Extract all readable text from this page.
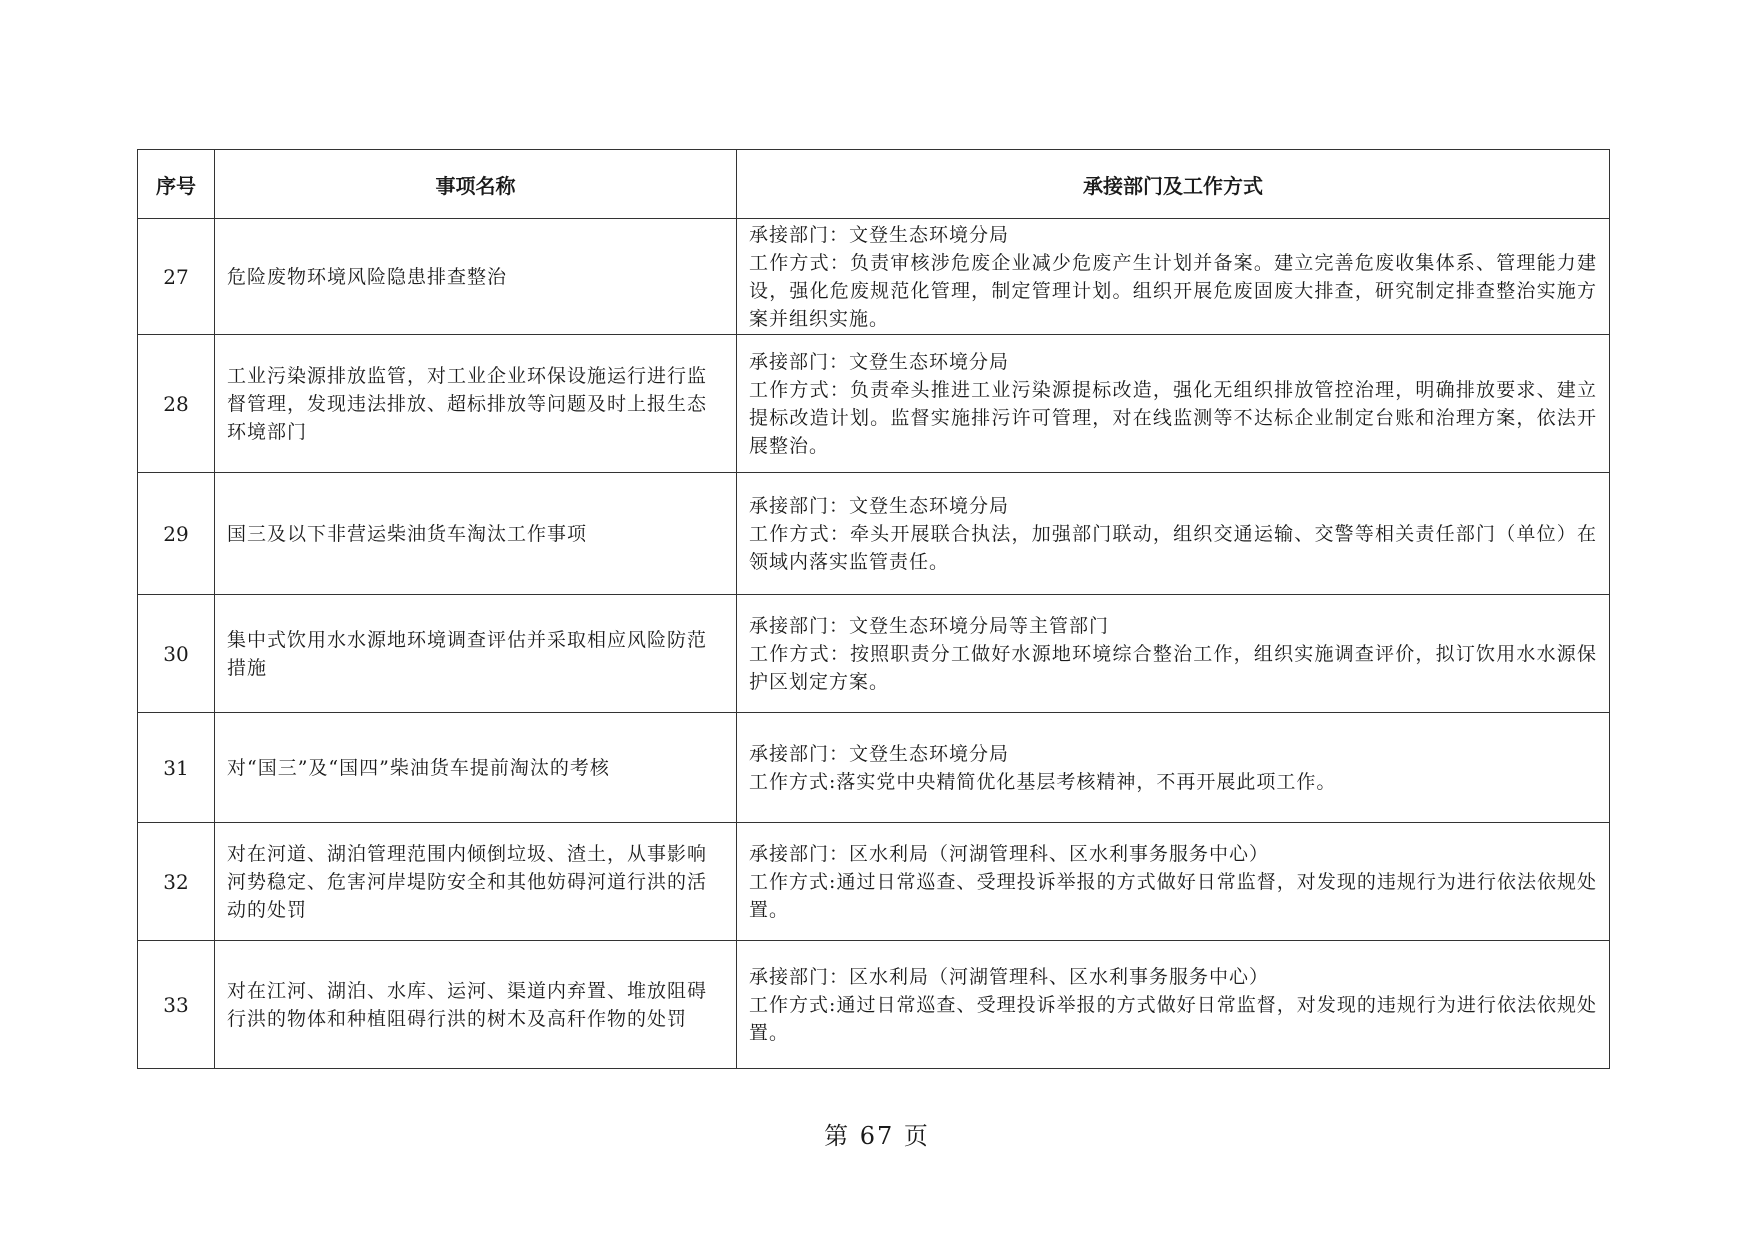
序号	事项名称	承接部门及工作方式
27	危险废物环境风险隐患排查整治	承接部门：文登生态环境分局
工作方式：负责审核涉危废企业减少危废产生计划并备案。建立完善危废收集体系、管理能力建设，强化危废规范化管理，制定管理计划。组织开展危废固废大排查，研究制定排查整治实施方案并组织实施。

28	工业污染源排放监管，对工业企业环保设施运行进行监督管理，发现违法排放、超标排放等问题及时上报生态环境部门	承接部门：文登生态环境分局
工作方式：负责牵头推进工业污染源提标改造，强化无组织排放管控治理，明确排放要求、建立提标改造计划。监督实施排污许可管理，对在线监测等不达标企业制定台账和治理方案，依法开展整治。

29	国三及以下非营运柴油货车淘汰工作事项	承接部门：文登生态环境分局
工作方式：牵头开展联合执法，加强部门联动，组织交通运输、交警等相关责任部门（单位）在领域内落实监管责任。

30	集中式饮用水水源地环境调查评估并采取相应风险防范措施	承接部门：文登生态环境分局等主管部门
工作方式：按照职责分工做好水源地环境综合整治工作，组织实施调查评价，拟订饮用水水源保护区划定方案。

31	对“国三”及“国四”柴油货车提前淘汰的考核	承接部门：文登生态环境分局
工作方式:落实党中央精简优化基层考核精神，不再开展此项工作。

32	对在河道、湖泊管理范围内倾倒垃圾、渣土，从事影响河势稳定、危害河岸堤防安全和其他妨碍河道行洪的活动的处罚	承接部门：区水利局（河湖管理科、区水利事务服务中心）
工作方式:通过日常巡查、受理投诉举报的方式做好日常监督，对发现的违规行为进行依法依规处置。

33	对在江河、湖泊、水库、运河、渠道内弃置、堆放阻碍行洪的物体和种植阻碍行洪的树木及高秆作物的处罚	承接部门：区水利局（河湖管理科、区水利事务服务中心）
工作方式:通过日常巡查、受理投诉举报的方式做好日常监督，对发现的违规行为进行依法依规处置。
第 67 页
